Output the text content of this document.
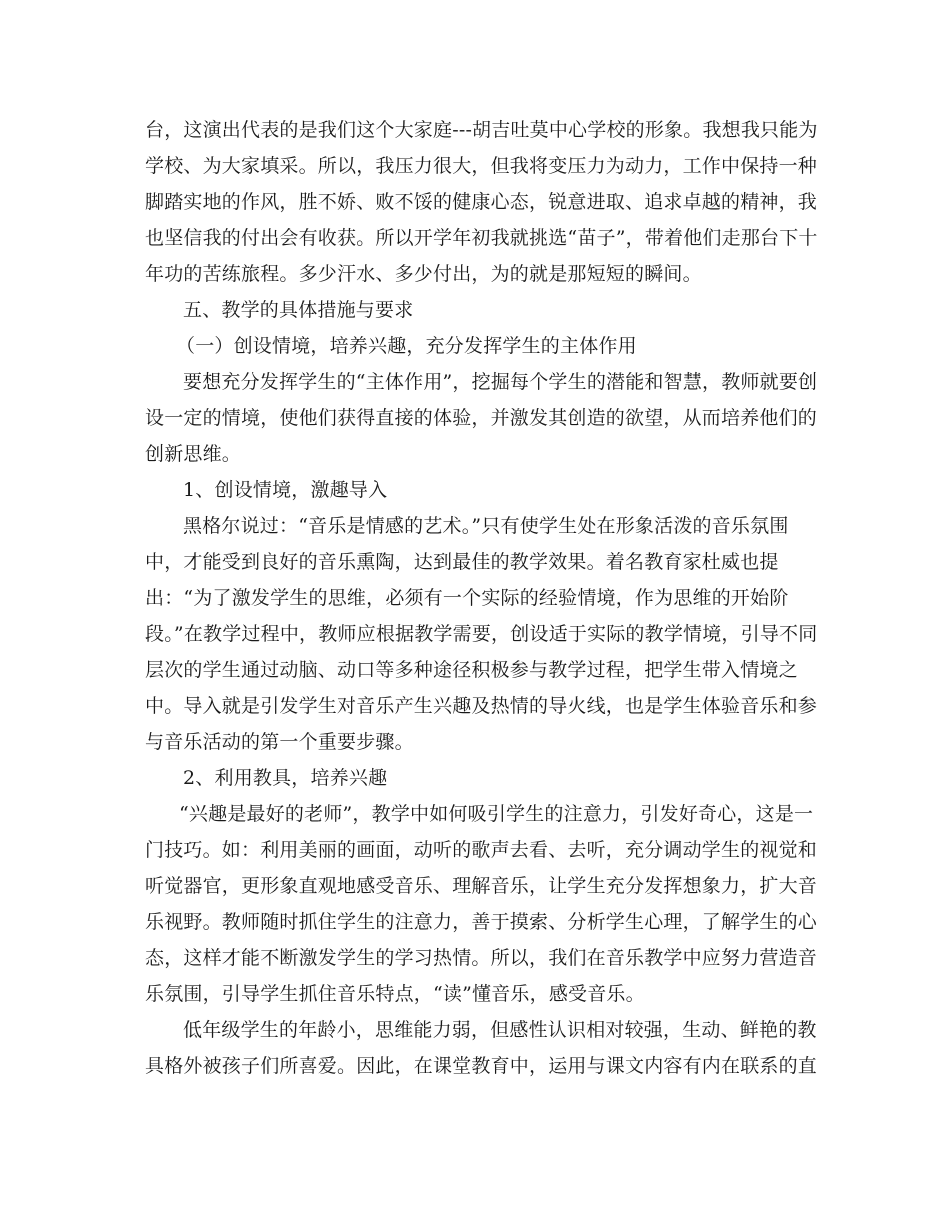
台，这演出代表的是我们这个大家庭---胡吉吐莫中心学校的形象。我想我只能为
学校、为大家填采。所以，我压力很大，但我将变压力为动力，工作中保持一种
脚踏实地的作风，胜不娇、败不馁的健康心态，锐意进取、追求卓越的精神，我
也坚信我的付出会有收获。所以开学年初我就挑选“苗子”，带着他们走那台下十
年功的苦练旅程。多少汗水、多少付出，为的就是那短短的瞬间。
五、教学的具体措施与要求
（一）创设情境，培养兴趣，充分发挥学生的主体作用
要想充分发挥学生的“主体作用”，挖掘每个学生的潜能和智慧，教师就要创
设一定的情境，使他们获得直接的体验，并激发其创造的欲望，从而培养他们的
创新思维。
1、创设情境，激趣导入
黑格尔说过：“音乐是情感的艺术。”只有使学生处在形象活泼的音乐氛围
中，才能受到良好的音乐熏陶，达到最佳的教学效果。着名教育家杜威也提
出：“为了激发学生的思维，必须有一个实际的经验情境，作为思维的开始阶
段。”在教学过程中，教师应根据教学需要，创设适于实际的教学情境，引导不同
层次的学生通过动脑、动口等多种途径积极参与教学过程，把学生带入情境之
中。导入就是引发学生对音乐产生兴趣及热情的导火线，也是学生体验音乐和参
与音乐活动的第一个重要步骤。
2、利用教具，培养兴趣
“兴趣是最好的老师”，教学中如何吸引学生的注意力，引发好奇心，这是一
门技巧。如：利用美丽的画面，动听的歌声去看、去听，充分调动学生的视觉和
听觉器官，更形象直观地感受音乐、理解音乐，让学生充分发挥想象力，扩大音
乐视野。教师随时抓住学生的注意力，善于摸索、分析学生心理，了解学生的心
态，这样才能不断激发学生的学习热情。所以，我们在音乐教学中应努力营造音
乐氛围，引导学生抓住音乐特点，“读”懂音乐，感受音乐。
低年级学生的年龄小，思维能力弱，但感性认识相对较强，生动、鲜艳的教
具格外被孩子们所喜爱。因此，在课堂教育中，运用与课文内容有内在联系的直
